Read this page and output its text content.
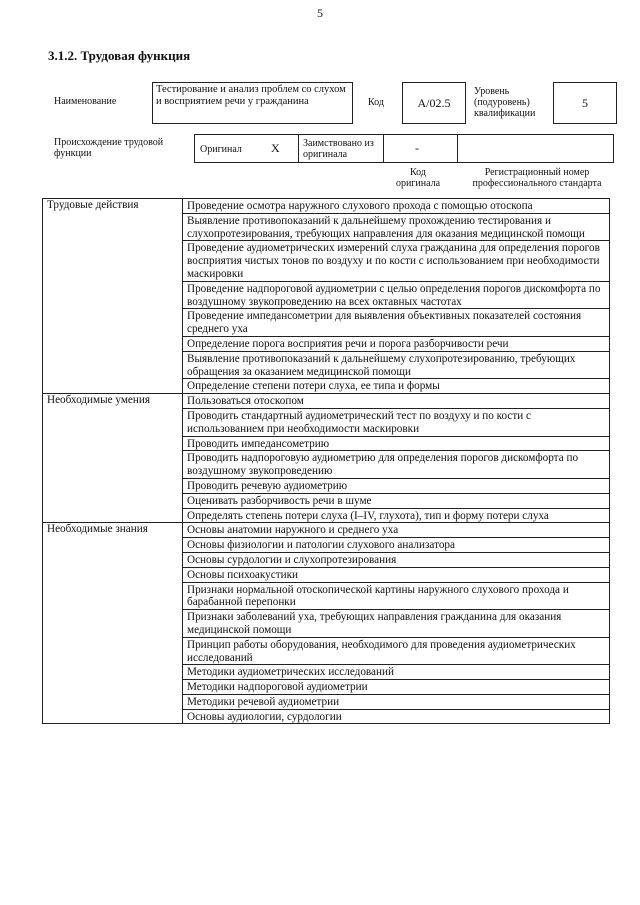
5
3.1.2. Трудовая функция
Наименование
Тестирование и анализ проблем со слухом и восприятием речи у гражданина	Код	А/02.5
Уровень (подуровень) квалификации
5
Происхождение трудовой функции	Оригинал X Заимствовано из оригинала	-
Код оригинала
Регистрационный номер профессионального стандарта
Трудовые действия	Проведение осмотра наружного слухового прохода с помощью отоскопа
	Выявление противопоказаний к дальнейшему прохождению тестирования и слухопротезирования, требующих направления для оказания медицинской помощи
	Проведение аудиометрических измерений слуха гражданина для определения порогов восприятия чистых тонов по воздуху и по кости с использованием при необходимости маскировки
	Проведение надпороговой аудиометрии с целью определения порогов дискомфорта по воздушному звукопроведению на всех октавных частотах
	Проведение импедансометрии для выявления объективных показателей состояния среднего уха
	Определение порога восприятия речи и порога разборчивости речи
	Выявление противопоказаний к дальнейшему слухопротезированию, требующих обращения за оказанием медицинской помощи
	Определение степени потери слуха, ее типа и формы
Необходимые умения	Пользоваться отоскопом
	Проводить стандартный аудиометрический тест по воздуху и по кости с использованием при необходимости маскировки
	Проводить импедансометрию
	Проводить надпороговую аудиометрию для определения порогов дискомфорта по воздушному звукопроведению
	Проводить речевую аудиометрию
	Оценивать разборчивость речи в шуме
	Определять степень потери слуха (I–IV, глухота), тип и форму потери слуха
Необходимые знания	Основы анатомии наружного и среднего уха
	Основы физиологии и патологии слухового анализатора
	Основы сурдологии и слухопротезирования
	Основы психоакустики
	Признаки нормальной отоскопической картины наружного слухового прохода и барабанной перепонки
	Признаки заболеваний уха, требующих направления гражданина для оказания медицинской помощи
	Принцип работы оборудования, необходимого для проведения аудиометрических исследований
	Методики аудиометрических исследований
	Методики надпороговой аудиометрии
	Методики речевой аудиометрии
	Основы аудиологии, сурдологии
